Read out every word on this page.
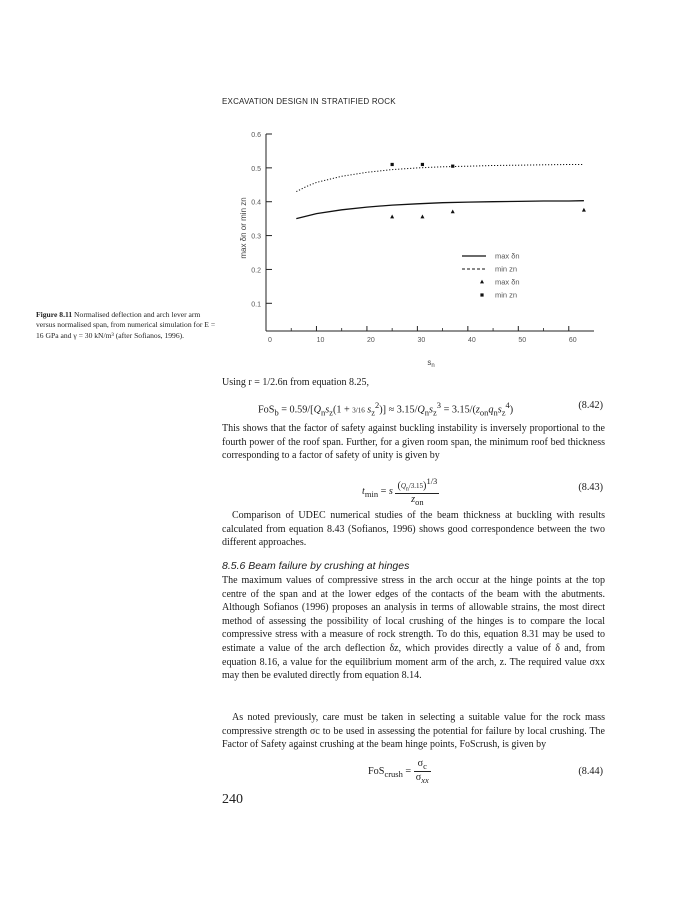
EXCAVATION DESIGN IN STRATIFIED ROCK
0.1
0.2
0.3
0.4
0.5
0.6
0	10	20	30	40	50	60
$s_n$
max δn or min zn	max δn
min zn
max δn
min zn
Figure 8.11 Normalised deflection and arch lever arm versus normalised span, from numerical simulation for E = 16 GPa and γ = 30 kN/m³ (after Sofianos, 1996).
Using r = 1/2.6n from equation 8.25,
$FoS_b = 0.59/[Q_ns_z(1 + 3/16$ $s_z^2)] \approx 3.15/Q_ns_z^3 = 3.15/(z_{on}q_ns_z^4)$	(8.42)
This shows that the factor of safety against buckling instability is inversely proportional to the fourth power of the roof span. Further, for a given room span, the minimum roof bed thickness corresponding to a factor of safety of unity is given by
$t_{min} = s \frac{(Q_n/3.15)^{1/3}}{z_{on}}$	(8.43)
Comparison of UDEC numerical studies of the beam thickness at buckling with results calculated from equation 8.43 (Sofianos, 1996) shows good correspondence between the two different approaches.
8.5.6 Beam failure by crushing at hinges
The maximum values of compressive stress in the arch occur at the hinge points at the top centre of the span and at the lower edges of the contacts of the beam with the abutments. Although Sofianos (1996) proposes an analysis in terms of allowable strains, the most direct method of assessing the possibility of local crushing of the hinges is to compare the local compressive stress with a measure of rock strength. To do this, equation 8.31 may be used to estimate a value of the arch deflection δz, which provides directly a value of δ and, from equation 8.16, a value for the equilibrium moment arm of the arch, z. The required value σxx may then be evaluted directly from equation 8.14.
As noted previously, care must be taken in selecting a suitable value for the rock mass compressive strength σc to be used in assessing the potential for failure by local crushing. The Factor of Safety against crushing at the beam hinge points, FoScrush, is given by
$FoS_{crush} = \frac{\sigma_c}{\sigma_{xx}}$	(8.44)
240
